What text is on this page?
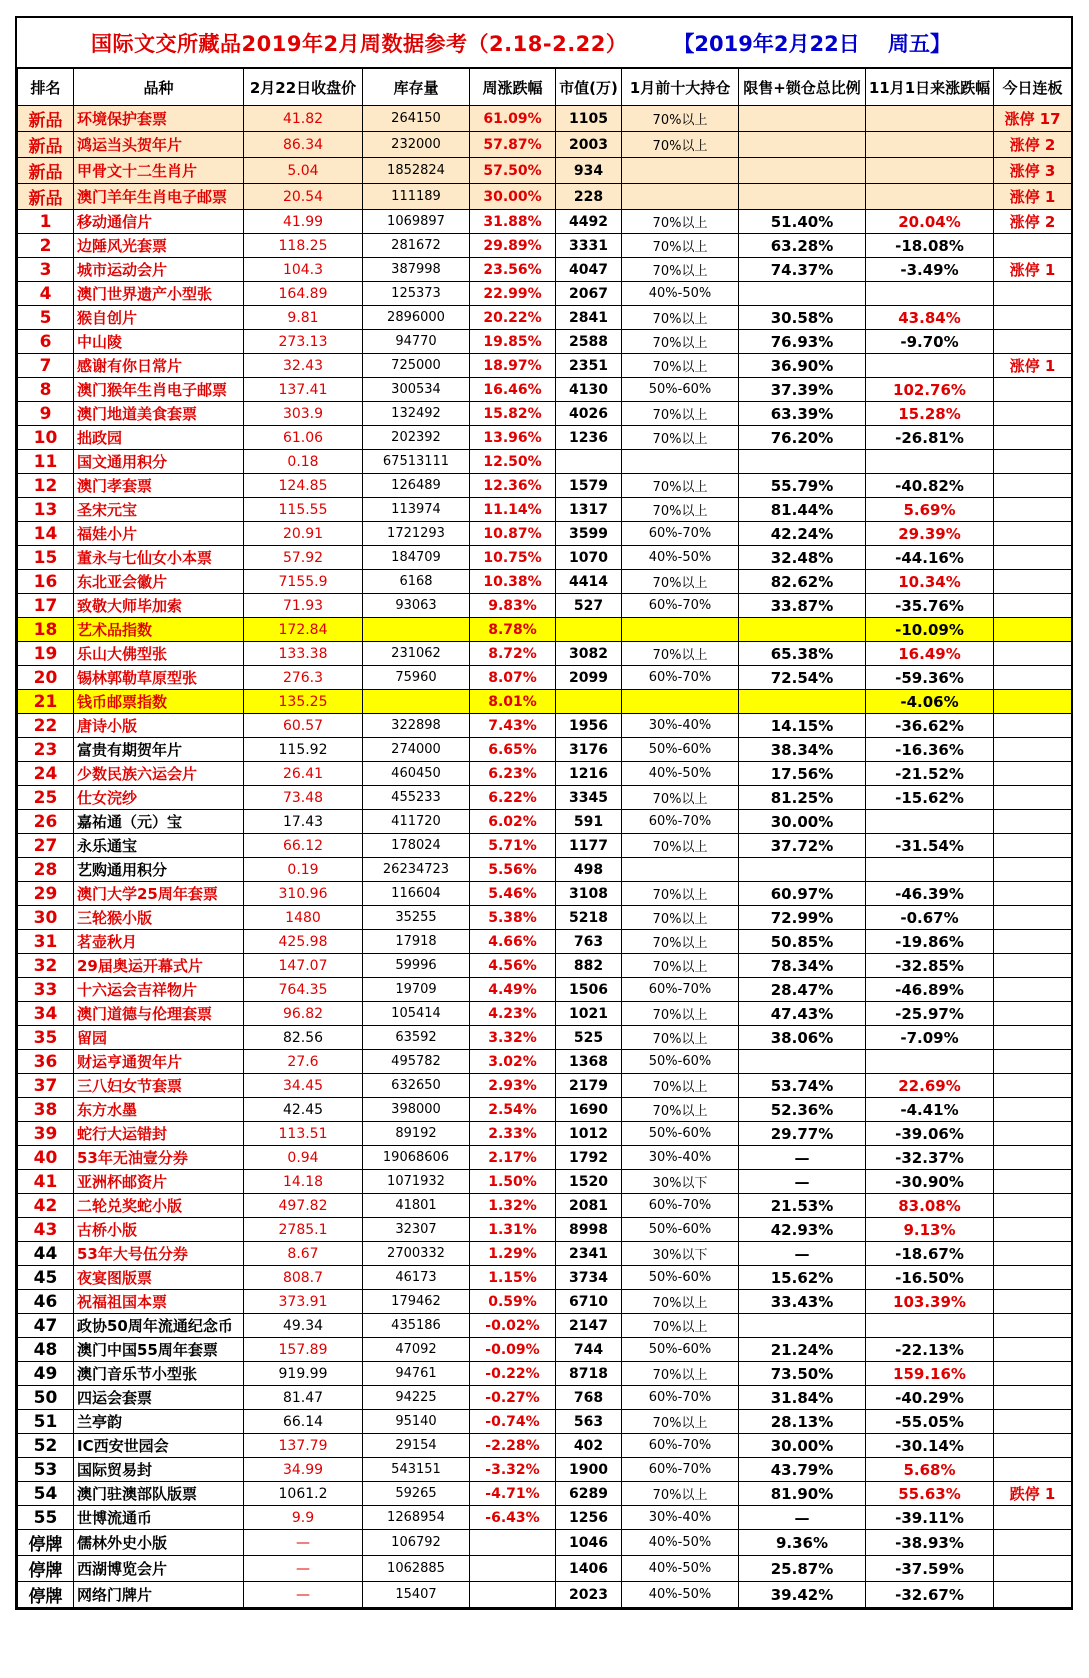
国际文交所藏品2019年2月周数据参考（2.18-2.22） 【2019年2月22日　 周五】
排名	品种	2月22日收盘价	库存量	周涨跌幅	市值(万)	1月前十大持仓	限售+锁仓总比例	11月1日来涨跌幅	今日连板
新品	环境保护套票	41.82	264150	61.09%	1105	70%以上			涨停 17
新品	鸿运当头贺年片	86.34	232000	57.87%	2003	70%以上			涨停 2
新品	甲骨文十二生肖片	5.04	1852824	57.50%	934				涨停 3
新品	澳门羊年生肖电子邮票	20.54	111189	30.00%	228				涨停 1
1	移动通信片	41.99	1069897	31.88%	4492	70%以上	51.40%	20.04%	涨停 2
2	边陲风光套票	118.25	281672	29.89%	3331	70%以上	63.28%	-18.08%	
3	城市运动会片	104.3	387998	23.56%	4047	70%以上	74.37%	-3.49%	涨停 1
4	澳门世界遗产小型张	164.89	125373	22.99%	2067	40%-50%			
5	猴自创片	9.81	2896000	20.22%	2841	70%以上	30.58%	43.84%	
6	中山陵	273.13	94770	19.85%	2588	70%以上	76.93%	-9.70%	
7	感谢有你日常片	32.43	725000	18.97%	2351	70%以上	36.90%		涨停 1
8	澳门猴年生肖电子邮票	137.41	300534	16.46%	4130	50%-60%	37.39%	102.76%	
9	澳门地道美食套票	303.9	132492	15.82%	4026	70%以上	63.39%	15.28%	
10	拙政园	61.06	202392	13.96%	1236	70%以上	76.20%	-26.81%	
11	国文通用积分	0.18	67513111	12.50%					
12	澳门孝套票	124.85	126489	12.36%	1579	70%以上	55.79%	-40.82%	
13	圣宋元宝	115.55	113974	11.14%	1317	70%以上	81.44%	5.69%	
14	福娃小片	20.91	1721293	10.87%	3599	60%-70%	42.24%	29.39%	
15	董永与七仙女小本票	57.92	184709	10.75%	1070	40%-50%	32.48%	-44.16%	
16	东北亚会徽片	7155.9	6168	10.38%	4414	70%以上	82.62%	10.34%	
17	致敬大师毕加索	71.93	93063	9.83%	527	60%-70%	33.87%	-35.76%	
18	艺术品指数	172.84		8.78%				-10.09%	
19	乐山大佛型张	133.38	231062	8.72%	3082	70%以上	65.38%	16.49%	
20	锡林郭勒草原型张	276.3	75960	8.07%	2099	60%-70%	72.54%	-59.36%	
21	钱币邮票指数	135.25		8.01%				-4.06%	
22	唐诗小版	60.57	322898	7.43%	1956	30%-40%	14.15%	-36.62%	
23	富贵有期贺年片	115.92	274000	6.65%	3176	50%-60%	38.34%	-16.36%	
24	少数民族六运会片	26.41	460450	6.23%	1216	40%-50%	17.56%	-21.52%	
25	仕女浣纱	73.48	455233	6.22%	3345	70%以上	81.25%	-15.62%	
26	嘉祐通（元）宝	17.43	411720	6.02%	591	60%-70%	30.00%		
27	永乐通宝	66.12	178024	5.71%	1177	70%以上	37.72%	-31.54%	
28	艺购通用积分	0.19	26234723	5.56%	498				
29	澳门大学25周年套票	310.96	116604	5.46%	3108	70%以上	60.97%	-46.39%	
30	三轮猴小版	1480	35255	5.38%	5218	70%以上	72.99%	-0.67%	
31	茗壶秋月	425.98	17918	4.66%	763	70%以上	50.85%	-19.86%	
32	29届奥运开幕式片	147.07	59996	4.56%	882	70%以上	78.34%	-32.85%	
33	十六运会吉祥物片	764.35	19709	4.49%	1506	60%-70%	28.47%	-46.89%	
34	澳门道德与伦理套票	96.82	105414	4.23%	1021	70%以上	47.43%	-25.97%	
35	留园	82.56	63592	3.32%	525	70%以上	38.06%	-7.09%	
36	财运亨通贺年片	27.6	495782	3.02%	1368	50%-60%			
37	三八妇女节套票	34.45	632650	2.93%	2179	70%以上	53.74%	22.69%	
38	东方水墨	42.45	398000	2.54%	1690	70%以上	52.36%	-4.41%	
39	蛇行大运错封	113.51	89192	2.33%	1012	50%-60%	29.77%	-39.06%	
40	53年无油壹分券	0.94	19068606	2.17%	1792	30%-40%	—	-32.37%	
41	亚洲杯邮资片	14.18	1071932	1.50%	1520	30%以下	—	-30.90%	
42	二轮兑奖蛇小版	497.82	41801	1.32%	2081	60%-70%	21.53%	83.08%	
43	古桥小版	2785.1	32307	1.31%	8998	50%-60%	42.93%	9.13%	
44	53年大号伍分券	8.67	2700332	1.29%	2341	30%以下	—	-18.67%	
45	夜宴图版票	808.7	46173	1.15%	3734	50%-60%	15.62%	-16.50%	
46	祝福祖国本票	373.91	179462	0.59%	6710	70%以上	33.43%	103.39%	
47	政协50周年流通纪念币	49.34	435186	-0.02%	2147	70%以上			
48	澳门中国55周年套票	157.89	47092	-0.09%	744	50%-60%	21.24%	-22.13%	
49	澳门音乐节小型张	919.99	94761	-0.22%	8718	70%以上	73.50%	159.16%	
50	四运会套票	81.47	94225	-0.27%	768	60%-70%	31.84%	-40.29%	
51	兰亭韵	66.14	95140	-0.74%	563	70%以上	28.13%	-55.05%	
52	IC西安世园会	137.79	29154	-2.28%	402	60%-70%	30.00%	-30.14%	
53	国际贸易封	34.99	543151	-3.32%	1900	60%-70%	43.79%	5.68%	
54	澳门驻澳部队版票	1061.2	59265	-4.71%	6289	70%以上	81.90%	55.63%	跌停 1
55	世博流通币	9.9	1268954	-6.43%	1256	30%-40%	—	-39.11%	
停牌	儒林外史小版	—	106792		1046	40%-50%	9.36%	-38.93%	
停牌	西湖博览会片	—	1062885		1406	40%-50%	25.87%	-37.59%	
停牌	网络门牌片	—	15407		2023	40%-50%	39.42%	-32.67%	
